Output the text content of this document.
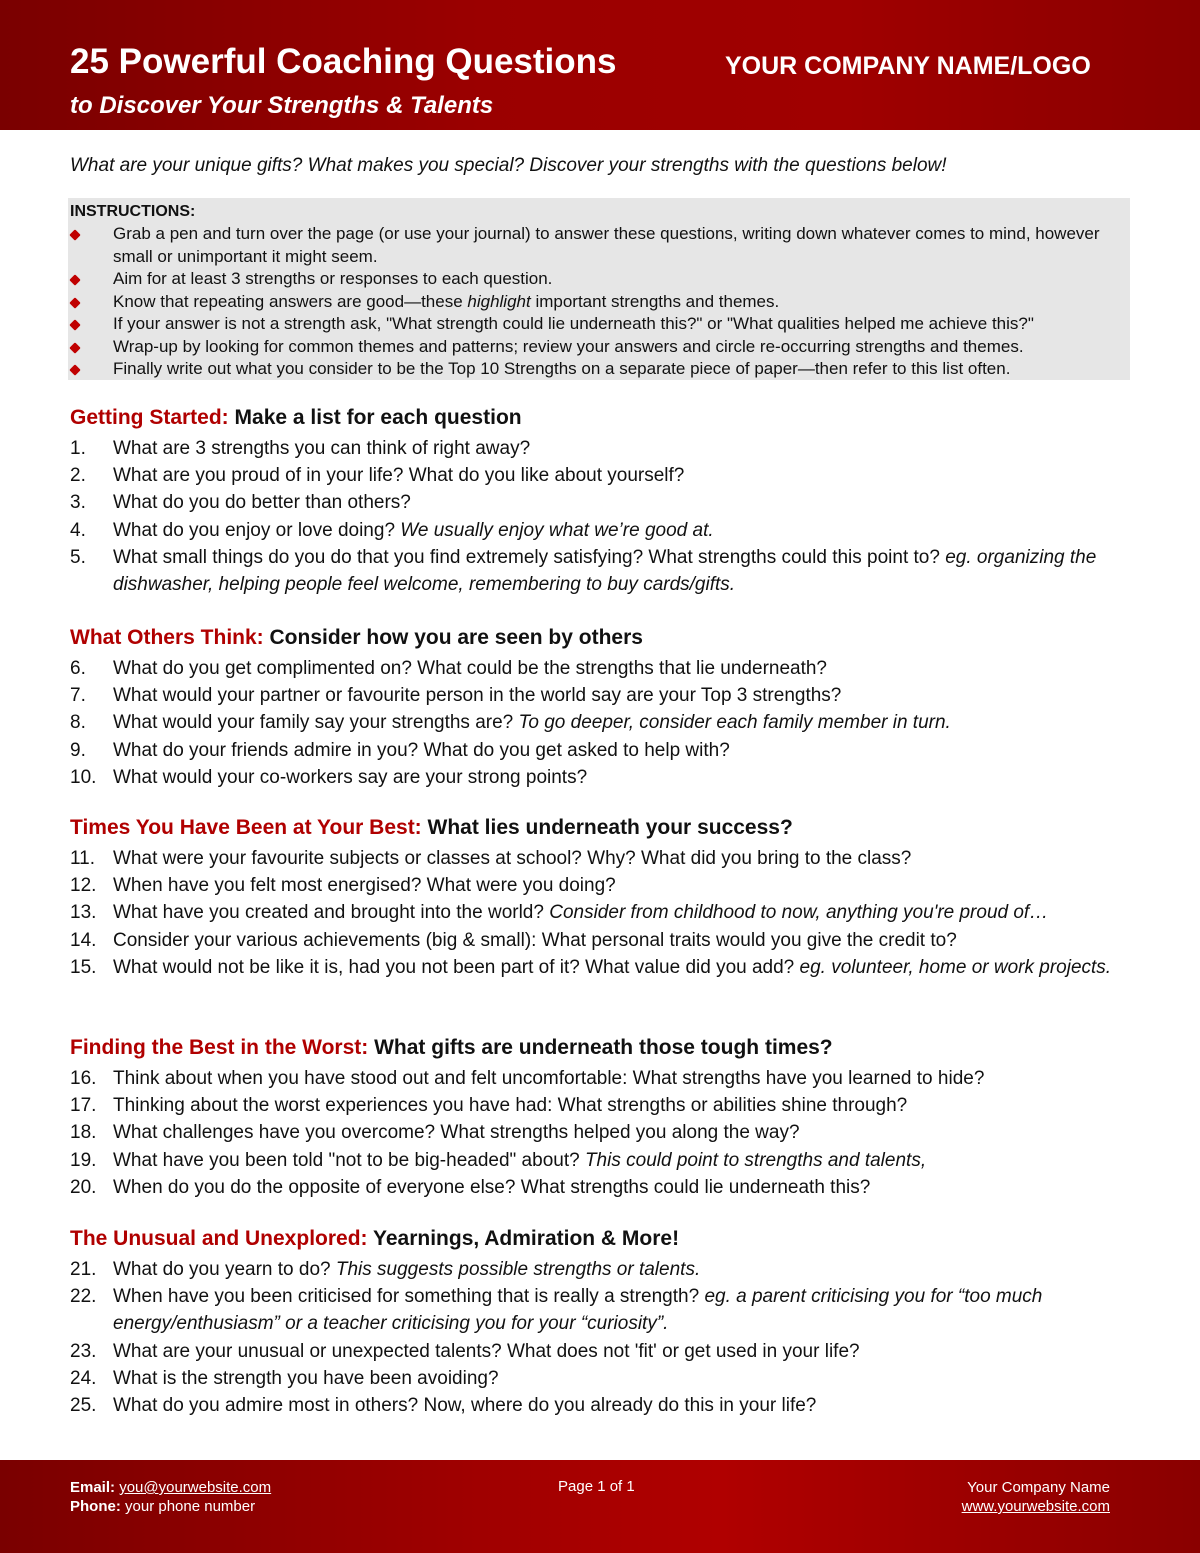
25 Powerful Coaching Questions
to Discover Your Strengths & Talents
YOUR COMPANY NAME/LOGO
What are your unique gifts? What makes you special? Discover your strengths with the questions below!
INSTRUCTIONS:
Grab a pen and turn over the page (or use your journal) to answer these questions, writing down whatever comes to mind, however small or unimportant it might seem.
Aim for at least 3 strengths or responses to each question.
Know that repeating answers are good—these highlight important strengths and themes.
If your answer is not a strength ask, "What strength could lie underneath this?" or "What qualities helped me achieve this?"
Wrap-up by looking for common themes and patterns; review your answers and circle re-occurring strengths and themes.
Finally write out what you consider to be the Top 10 Strengths on a separate piece of paper—then refer to this list often.
Getting Started: Make a list for each question
1. What are 3 strengths you can think of right away?
2. What are you proud of in your life? What do you like about yourself?
3. What do you do better than others?
4. What do you enjoy or love doing? We usually enjoy what we’re good at.
5. What small things do you do that you find extremely satisfying? What strengths could this point to? eg. organizing the dishwasher, helping people feel welcome, remembering to buy cards/gifts.
What Others Think: Consider how you are seen by others
6. What do you get complimented on? What could be the strengths that lie underneath?
7. What would your partner or favourite person in the world say are your Top 3 strengths?
8. What would your family say your strengths are? To go deeper, consider each family member in turn.
9. What do your friends admire in you? What do you get asked to help with?
10. What would your co-workers say are your strong points?
Times You Have Been at Your Best: What lies underneath your success?
11. What were your favourite subjects or classes at school? Why? What did you bring to the class?
12. When have you felt most energised? What were you doing?
13. What have you created and brought into the world? Consider from childhood to now, anything you're proud of…
14. Consider your various achievements (big & small): What personal traits would you give the credit to?
15. What would not be like it is, had you not been part of it? What value did you add? eg. volunteer, home or work projects.
Finding the Best in the Worst: What gifts are underneath those tough times?
16. Think about when you have stood out and felt uncomfortable: What strengths have you learned to hide?
17. Thinking about the worst experiences you have had: What strengths or abilities shine through?
18. What challenges have you overcome? What strengths helped you along the way?
19. What have you been told "not to be big-headed" about? This could point to strengths and talents,
20. When do you do the opposite of everyone else? What strengths could lie underneath this?
The Unusual and Unexplored: Yearnings, Admiration & More!
21. What do you yearn to do? This suggests possible strengths or talents.
22. When have you been criticised for something that is really a strength? eg. a parent criticising you for “too much energy/enthusiasm” or a teacher criticising you for your “curiosity”.
23. What are your unusual or unexpected talents? What does not 'fit' or get used in your life?
24. What is the strength you have been avoiding?
25. What do you admire most in others? Now, where do you already do this in your life?
Email: you@yourwebsite.com
Phone: your phone number
Page 1 of 1	Your Company Name
www.yourwebsite.com
